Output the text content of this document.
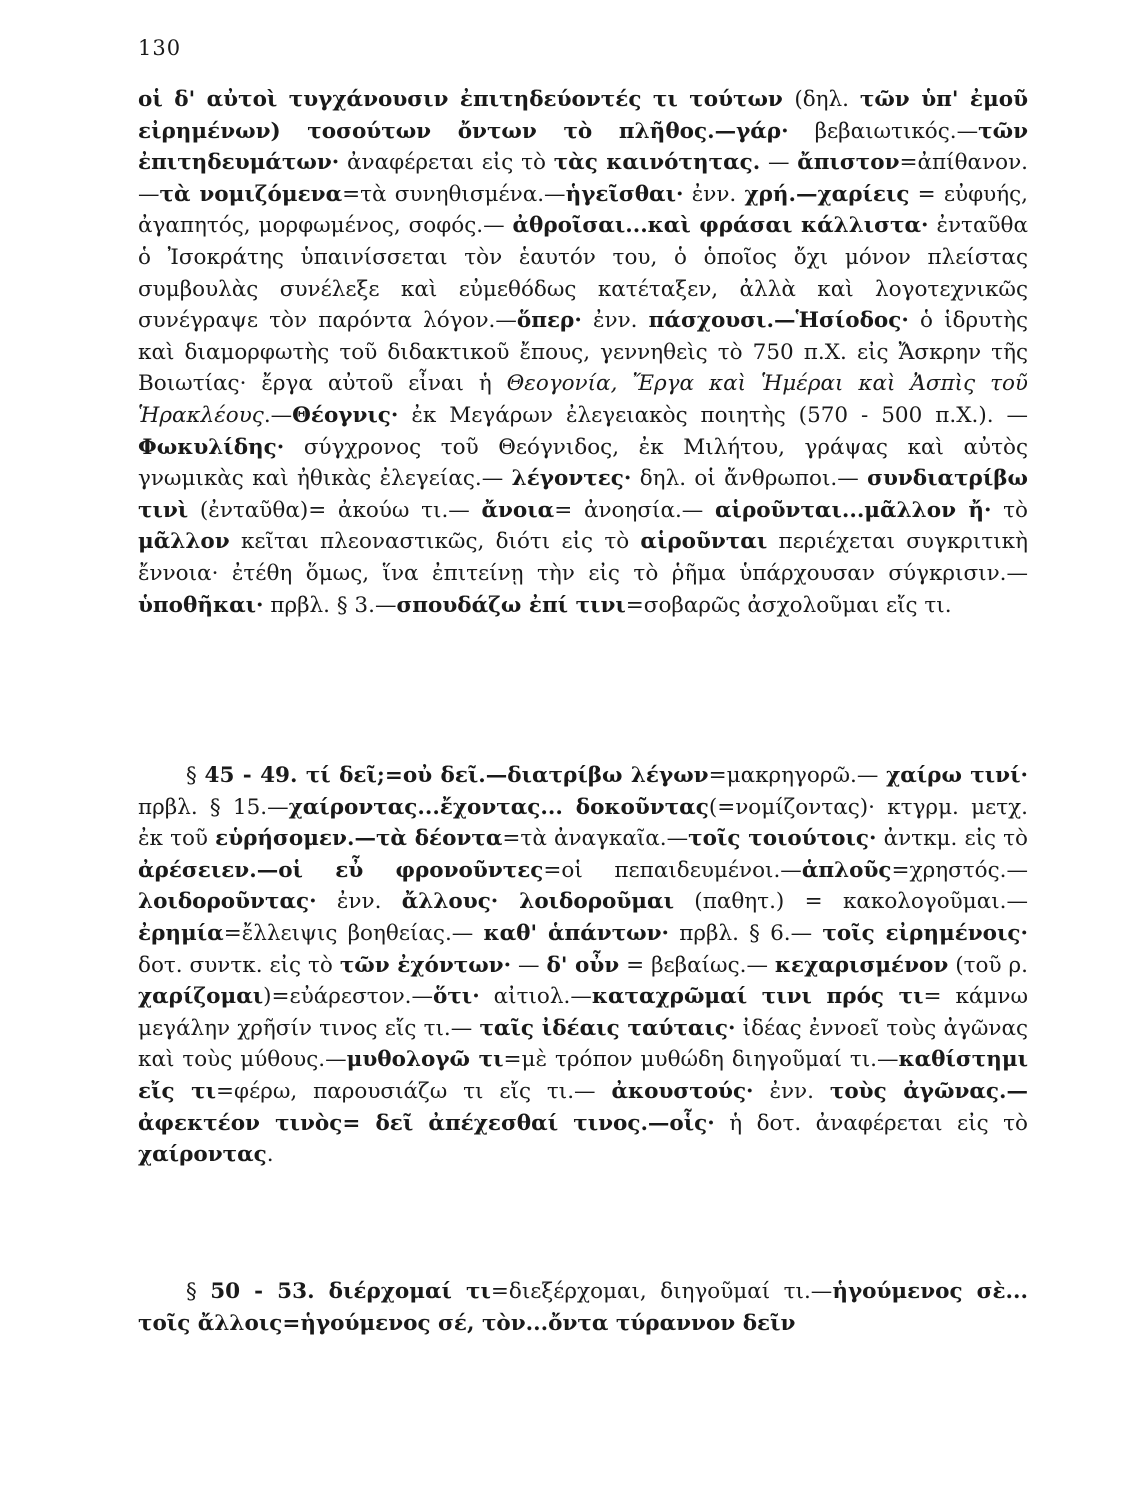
130

οἱ δ' αὐτοὶ τυγχάνουσιν ἐπιτηδεύοντές τι τούτων (δηλ. τῶν ὑπ' ἐμοῦ εἰρημένων) τοσούτων ὄντων τὸ πλῆθος.—γάρ· βεβαιωτικός.—τῶν ἐπιτηδευμάτων· ἀναφέρεται εἰς τὸ τὰς καινότητας. — ἄπιστον=ἀπίθανον.—τὰ νομιζόμενα=τὰ συνηθισμένα.—ἡγεῖσθαι· ἐνν. χρή.—χαρίεις = εὐφυής, ἀγαπητός, μορφωμένος, σοφός.— ἀθροῖσαι...καὶ φράσαι κάλλιστα· ἐνταῦθα ὁ Ἰσοκράτης ὑπαινίσσεται τὸν ἑαυτόν του, ὁ ὁποῖος ὄχι μόνον πλείστας συμβουλὰς συνέλεξε καὶ εὐμεθόδως κατέταξεν, ἀλλὰ καὶ λογοτεχνικῶς συνέγραψε τὸν παρόντα λόγον.—ὅπερ· ἐνν. πάσχουσι.—Ἡσίοδος· ὁ ἱδρυτὴς καὶ διαμορφωτὴς τοῦ διδακτικοῦ ἔπους, γεννηθεὶς τὸ 750 π.Χ. εἰς Ἄσκρην τῆς Βοιωτίας· ἔργα αὐτοῦ εἶναι ἡ Θεογονία, Ἔργα καὶ Ἡμέραι καὶ Ἀσπὶς τοῦ Ἡρακλέους.—Θέογνις· ἐκ Μεγάρων ἐλεγειακὸς ποιητὴς (570 - 500 π.Χ.). —Φωκυλίδης· σύγχρονος τοῦ Θεόγνιδος, ἐκ Μιλήτου, γράψας καὶ αὐτὸς γνωμικὰς καὶ ἠθικὰς ἐλεγείας.— λέγοντες· δηλ. οἱ ἄνθρωποι.— συνδιατρίβω τινὶ (ἐνταῦθα)= ἀκούω τι.— ἄνοια= ἀνοησία.— αἱροῦνται...μᾶλλον ἤ· τὸ μᾶλλον κεῖται πλεοναστικῶς, διότι εἰς τὸ αἱροῦνται περιέχεται συγκριτικὴ ἔννοια· ἐτέθη ὅμως, ἵνα ἐπιτείνῃ τὴν εἰς τὸ ῥῆμα ὑπάρχουσαν σύγκρισιν.—ὑποθῆκαι· πρβλ. § 3.—σπουδάζω ἐπί τινι=σοβαρῶς ἀσχολοῦμαι εἴς τι.

§ 45 - 49. τί δεῖ;=οὐ δεῖ.—διατρίβω λέγων=μακρηγορῶ.— χαίρω τινί· πρβλ. § 15.—χαίροντας...ἔχοντας... δοκοῦντας(=νομίζοντας)· κτγρμ. μετχ. ἐκ τοῦ εὑρήσομεν.—τὰ δέοντα=τὰ ἀναγκαῖα.—τοῖς τοιούτοις· ἀντκμ. εἰς τὸ ἀρέσειεν.—οἱ εὖ φρονοῦντες=οἱ πεπαιδευμένοι.—ἁπλοῦς=χρηστός.—λοιδοροῦντας· ἐνν. ἄλλους· λοιδοροῦμαι (παθητ.) = κακολογοῦμαι.—ἐρημία=ἔλλειψις βοηθείας.— καθ' ἁπάντων· πρβλ. § 6.— τοῖς εἰρημένοις· δοτ. συντκ. εἰς τὸ τῶν ἐχόντων· — δ' οὖν = βεβαίως.— κεχαρισμένον (τοῦ ρ. χαρίζομαι)=εὐάρεστον.—ὅτι· αἰτιολ.—καταχρῶμαί τινι πρός τι= κάμνω μεγάλην χρῆσίν τινος εἴς τι.— ταῖς ἰδέαις ταύταις· ἰδέας ἐννοεῖ τοὺς ἀγῶνας καὶ τοὺς μύθους.—μυθολογῶ τι=μὲ τρόπον μυθώδη διηγοῦμαί τι.—καθίστημι εἴς τι=φέρω, παρουσιάζω τι εἴς τι.— ἀκουστούς· ἐνν. τοὺς ἀγῶνας.— ἀφεκτέον τινὸς= δεῖ ἀπέχεσθαί τινος.—οἷς· ἡ δοτ. ἀναφέρεται εἰς τὸ χαίροντας.

§ 50 - 53. διέρχομαί τι=διεξέρχομαι, διηγοῦμαί τι.—ἡγούμενος σὲ... τοῖς ἄλλοις=ἡγούμενος σέ, τὸν...ὄντα τύραννον δεῖν
